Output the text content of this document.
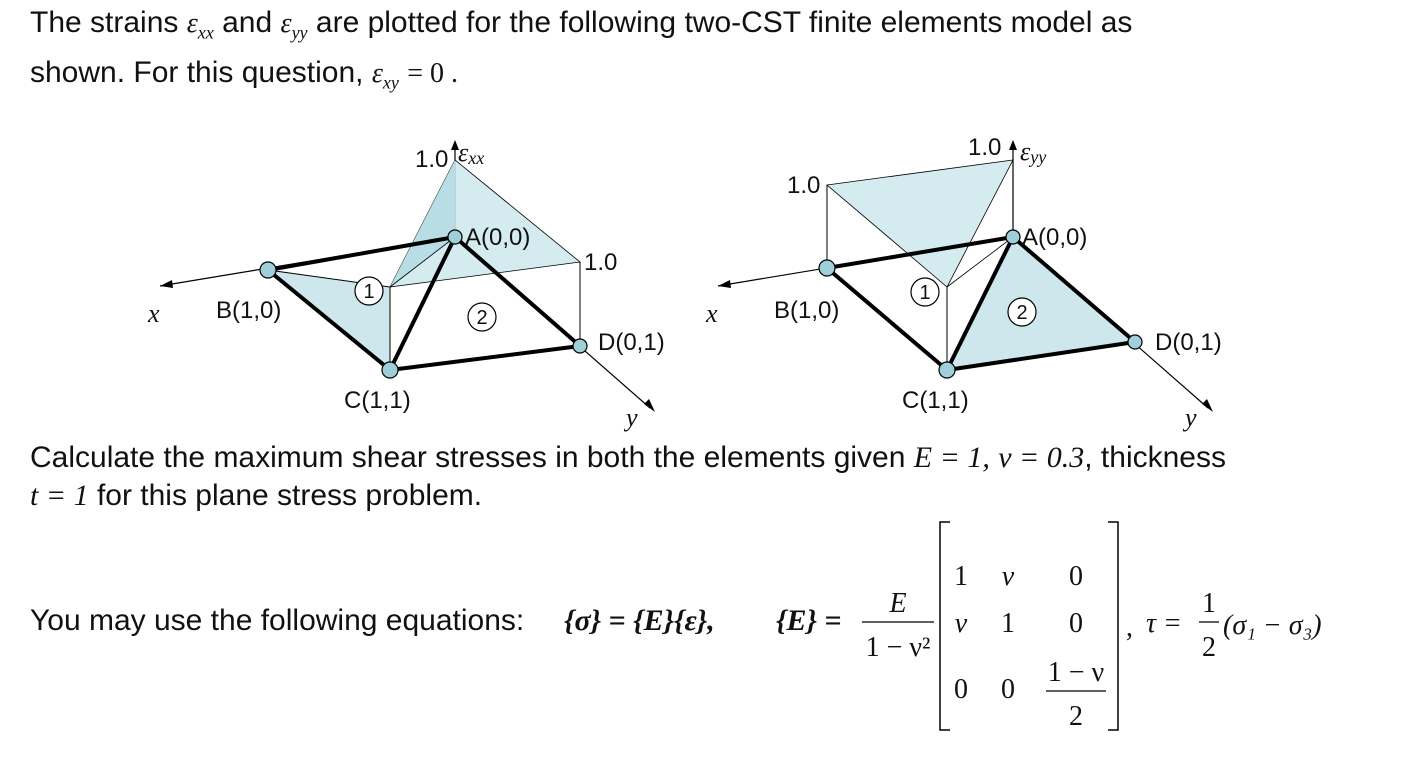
The strains $\varepsilon_{xx}$ and $\varepsilon_{yy}$ are plotted for the following two-CST finite elements model as
shown. For this question, $\varepsilon_{xy} = 0$ .
Calculate the maximum shear stresses in both the elements given E = 1, ν = 0.3, thickness
t = 1 for this plane stress problem.
You may use the following equations:
1
2
1.0 εxx
1.0
A(0,0)
B(1,0)
C(1,1)
D(0,1)
x
y
1
2
1.0
1.0 εyy
A(0,0)
B(1,0)
C(1,1)
D(0,1)
x
y
{σ} = {E}{ε}, {E} =
E
1 − ν²
1 ν 0
ν 1 0
0 0
1 − ν
2
, τ =
1
2
(σ₁ − σ₃)
